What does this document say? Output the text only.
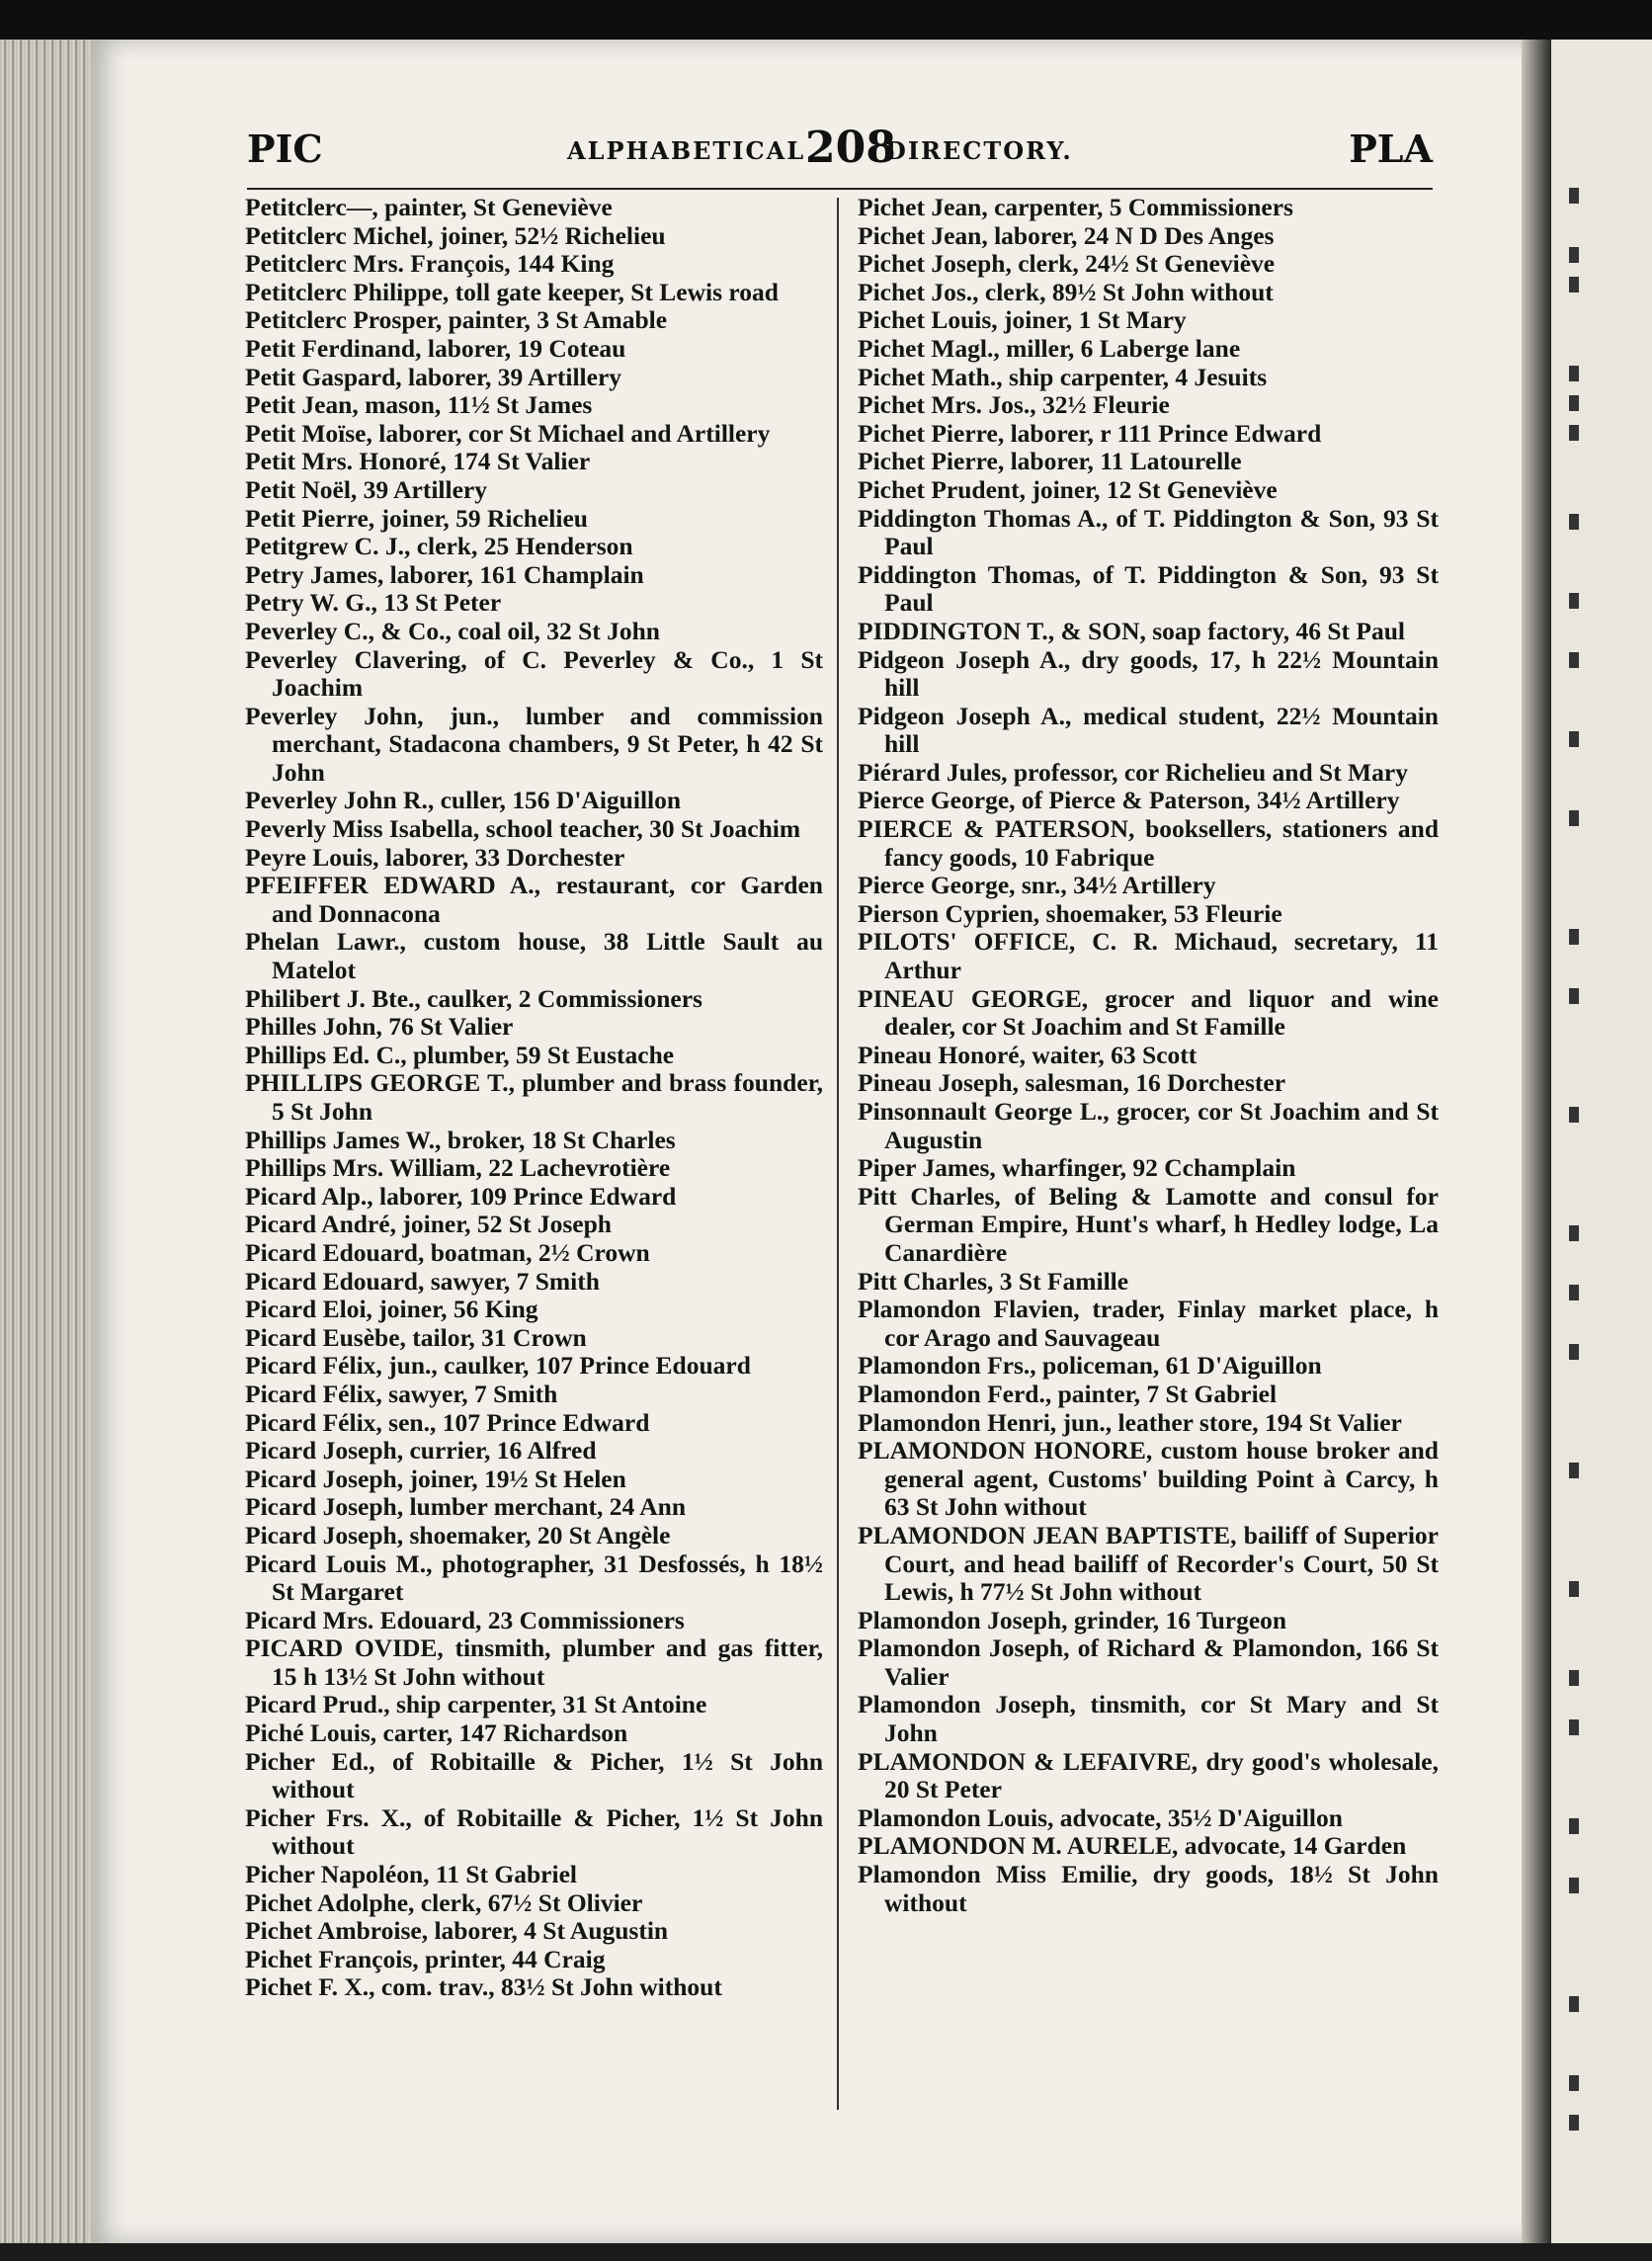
PIC	ALPHABETICAL 208
DIRECTORY.	PLA
Petitclerc—, painter, St Geneviève
Petitclerc Michel, joiner, 52½ Richelieu
Petitclerc Mrs. François, 144 King
Petitclerc Philippe, toll gate keeper, St Lewis road
Petitclerc Prosper, painter, 3 St Amable
Petit Ferdinand, laborer, 19 Coteau
Petit Gaspard, laborer, 39 Artillery
Petit Jean, mason, 11½ St James
Petit Moïse, laborer, cor St Michael and Artillery
Petit Mrs. Honoré, 174 St Valier
Petit Noël, 39 Artillery
Petit Pierre, joiner, 59 Richelieu
Petitgrew C. J., clerk, 25 Henderson
Petry James, laborer, 161 Champlain
Petry W. G., 13 St Peter
Peverley C., & Co., coal oil, 32 St John
Peverley Clavering, of C. Peverley & Co., 1 St Joachim
Peverley John, jun., lumber and commission merchant, Stadacona chambers, 9 St Peter, h 42 St John
Peverley John R., culler, 156 D'Aiguillon
Peverly Miss Isabella, school teacher, 30 St Joachim
Peyre Louis, laborer, 33 Dorchester
PFEIFFER EDWARD A., restaurant, cor Garden and Donnacona
Phelan Lawr., custom house, 38 Little Sault au Matelot
Philibert J. Bte., caulker, 2 Commissioners
Philles John, 76 St Valier
Phillips Ed. C., plumber, 59 St Eustache
PHILLIPS GEORGE T., plumber and brass founder, 5 St John
Phillips James W., broker, 18 St Charles
Phillips Mrs. William, 22 Lachevrotière
Picard Alp., laborer, 109 Prince Edward
Picard André, joiner, 52 St Joseph
Picard Edouard, boatman, 2½ Crown
Picard Edouard, sawyer, 7 Smith
Picard Eloi, joiner, 56 King
Picard Eusèbe, tailor, 31 Crown
Picard Félix, jun., caulker, 107 Prince Edouard
Picard Félix, sawyer, 7 Smith
Picard Félix, sen., 107 Prince Edward
Picard Joseph, currier, 16 Alfred
Picard Joseph, joiner, 19½ St Helen
Picard Joseph, lumber merchant, 24 Ann
Picard Joseph, shoemaker, 20 St Angèle
Picard Louis M., photographer, 31 Desfossés, h 18½ St Margaret
Picard Mrs. Edouard, 23 Commissioners
PICARD OVIDE, tinsmith, plumber and gas fitter, 15 h 13½ St John without
Picard Prud., ship carpenter, 31 St Antoine
Piché Louis, carter, 147 Richardson
Picher Ed., of Robitaille & Picher, 1½ St John without
Picher Frs. X., of Robitaille & Picher, 1½ St John without
Picher Napoléon, 11 St Gabriel
Pichet Adolphe, clerk, 67½ St Olivier
Pichet Ambroise, laborer, 4 St Augustin
Pichet François, printer, 44 Craig
Pichet F. X., com. trav., 83½ St John without
Pichet Jean, carpenter, 5 Commissioners
Pichet Jean, laborer, 24 N D Des Anges
Pichet Joseph, clerk, 24½ St Geneviève
Pichet Jos., clerk, 89½ St John without
Pichet Louis, joiner, 1 St Mary
Pichet Magl., miller, 6 Laberge lane
Pichet Math., ship carpenter, 4 Jesuits
Pichet Mrs. Jos., 32½ Fleurie
Pichet Pierre, laborer, r 111 Prince Edward
Pichet Pierre, laborer, 11 Latourelle
Pichet Prudent, joiner, 12 St Geneviève
Piddington Thomas A., of T. Piddington & Son, 93 St Paul
Piddington Thomas, of T. Piddington & Son, 93 St Paul
PIDDINGTON T., & SON, soap factory, 46 St Paul
Pidgeon Joseph A., dry goods, 17, h 22½ Mountain hill
Pidgeon Joseph A., medical student, 22½ Mountain hill
Piérard Jules, professor, cor Richelieu and St Mary
Pierce George, of Pierce & Paterson, 34½ Artillery
PIERCE & PATERSON, booksellers, stationers and fancy goods, 10 Fabrique
Pierce George, snr., 34½ Artillery
Pierson Cyprien, shoemaker, 53 Fleurie
PILOTS' OFFICE, C. R. Michaud, secretary, 11 Arthur
PINEAU GEORGE, grocer and liquor and wine dealer, cor St Joachim and St Famille
Pineau Honoré, waiter, 63 Scott
Pineau Joseph, salesman, 16 Dorchester
Pinsonnault George L., grocer, cor St Joachim and St Augustin
Piper James, wharfinger, 92 Cchamplain
Pitt Charles, of Beling & Lamotte and consul for German Empire, Hunt's wharf, h Hedley lodge, La Canardière
Pitt Charles, 3 St Famille
Plamondon Flavien, trader, Finlay market place, h cor Arago and Sauvageau
Plamondon Frs., policeman, 61 D'Aiguillon
Plamondon Ferd., painter, 7 St Gabriel
Plamondon Henri, jun., leather store, 194 St Valier
PLAMONDON HONORE, custom house broker and general agent, Customs' building Point à Carcy, h 63 St John without
PLAMONDON JEAN BAPTISTE, bailiff of Superior Court, and head bailiff of Recorder's Court, 50 St Lewis, h 77½ St John without
Plamondon Joseph, grinder, 16 Turgeon
Plamondon Joseph, of Richard & Plamondon, 166 St Valier
Plamondon Joseph, tinsmith, cor St Mary and St John
PLAMONDON & LEFAIVRE, dry good's wholesale, 20 St Peter
Plamondon Louis, advocate, 35½ D'Aiguillon
PLAMONDON M. AURELE, advocate, 14 Garden
Plamondon Miss Emilie, dry goods, 18½ St John without
